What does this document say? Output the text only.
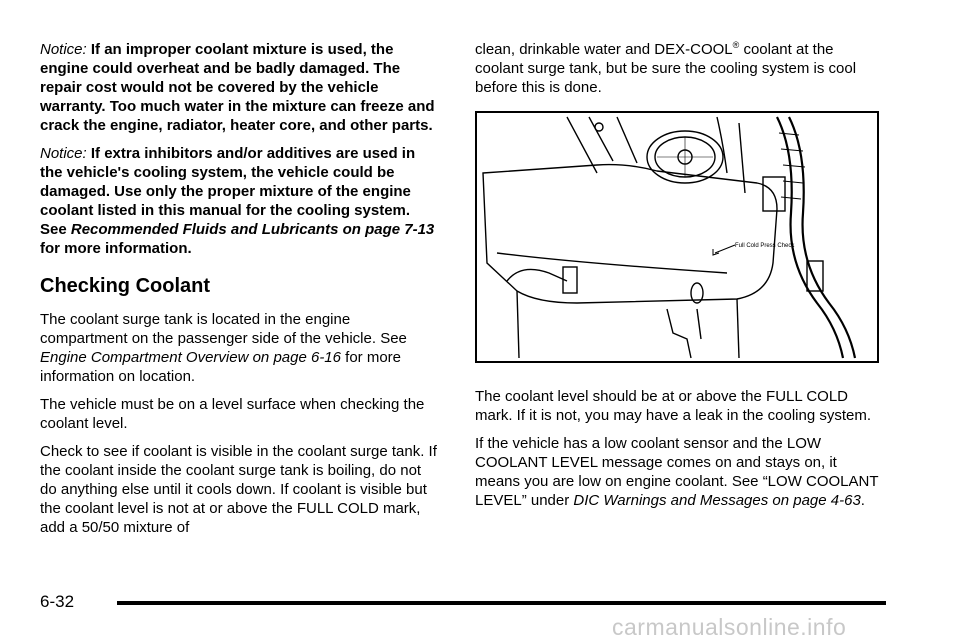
Notice: If an improper coolant mixture is used, the engine could overheat and be badly damaged. The repair cost would not be covered by the vehicle warranty. Too much water in the mixture can freeze and crack the engine, radiator, heater core, and other parts.

Notice: If extra inhibitors and/or additives are used in the vehicle's cooling system, the vehicle could be damaged. Use only the proper mixture of the engine coolant listed in this manual for the cooling system. See Recommended Fluids and Lubricants on page 7‑13 for more information.

Checking Coolant

The coolant surge tank is located in the engine compartment on the passenger side of the vehicle. See Engine Compartment Overview on page 6‑16 for more information on location.

The vehicle must be on a level surface when checking the coolant level.

Check to see if coolant is visible in the coolant surge tank. If the coolant inside the coolant surge tank is boiling, do not do anything else until it cools down. If coolant is visible but the coolant level is not at or above the FULL COLD mark, add a 50/50 mixture of

clean, drinkable water and DEX-COOL® coolant at the coolant surge tank, but be sure the cooling system is cool before this is done.

Full Cold Press Check

The coolant level should be at or above the FULL COLD mark. If it is not, you may have a leak in the cooling system.

If the vehicle has a low coolant sensor and the LOW COOLANT LEVEL message comes on and stays on, it means you are low on engine coolant. See “LOW COOLANT LEVEL” under DIC Warnings and Messages on page 4‑63.

6-32
carmanualsonline.info
